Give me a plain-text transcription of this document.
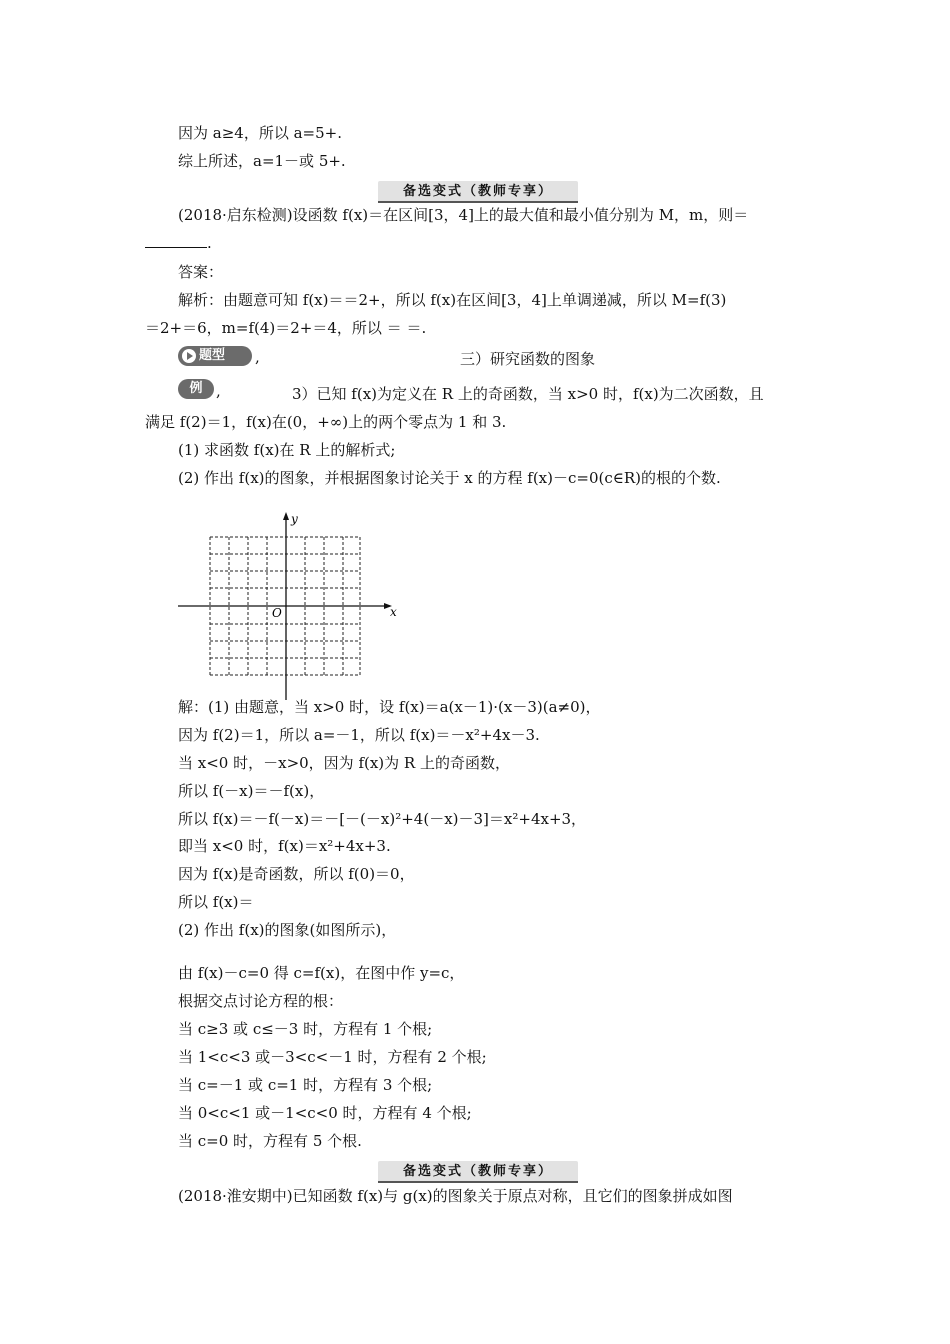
因为 a≥4，所以 a=5+.
综上所述，a=1－或 5+.
备选变式（教师专享）
(2018·启东检测)设函数 f(x)＝在区间[3，4]上的最大值和最小值分别为 M，m，则＝
.
答案：
解析：由题意可知 f(x)＝＝2+，所以 f(x)在区间[3，4]上单调递减，所以 M=f(3)
＝2+＝6，m=f(4)＝2+＝4，所以 ＝ ＝.
题型	,	三）研究函数的图象
例 ,	3）已知 f(x)为定义在 R 上的奇函数，当 x>0 时，f(x)为二次函数，且
满足 f(2)＝1，f(x)在(0，+∞)上的两个零点为 1 和 3.
(1) 求函数 f(x)在 R 上的解析式;
(2) 作出 f(x)的图象，并根据图象讨论关于 x 的方程 f(x)－c=0(c∈R)的根的个数.
x
y
O
解：(1) 由题意，当 x>0 时，设 f(x)＝a(x－1)·(x－3)(a≠0)，
因为 f(2)＝1，所以 a=－1，所以 f(x)＝－x²+4x－3.
当 x<0 时，－x>0，因为 f(x)为 R 上的奇函数，
所以 f(－x)＝－f(x)，
所以 f(x)＝－f(－x)＝－[－(－x)²+4(－x)－3]＝x²+4x+3，
即当 x<0 时，f(x)＝x²+4x+3.
因为 f(x)是奇函数，所以 f(0)＝0，
所以 f(x)＝
(2) 作出 f(x)的图象(如图所示)，
由 f(x)－c=0 得 c=f(x)，在图中作 y=c，
根据交点讨论方程的根：
当 c≥3 或 c≤－3 时，方程有 1 个根;
当 1<c<3 或－3<c<－1 时，方程有 2 个根;
当 c=－1 或 c=1 时，方程有 3 个根;
当 0<c<1 或－1<c<0 时，方程有 4 个根;
当 c=0 时，方程有 5 个根.
备选变式（教师专享）
(2018·淮安期中)已知函数 f(x)与 g(x)的图象关于原点对称，且它们的图象拼成如图
